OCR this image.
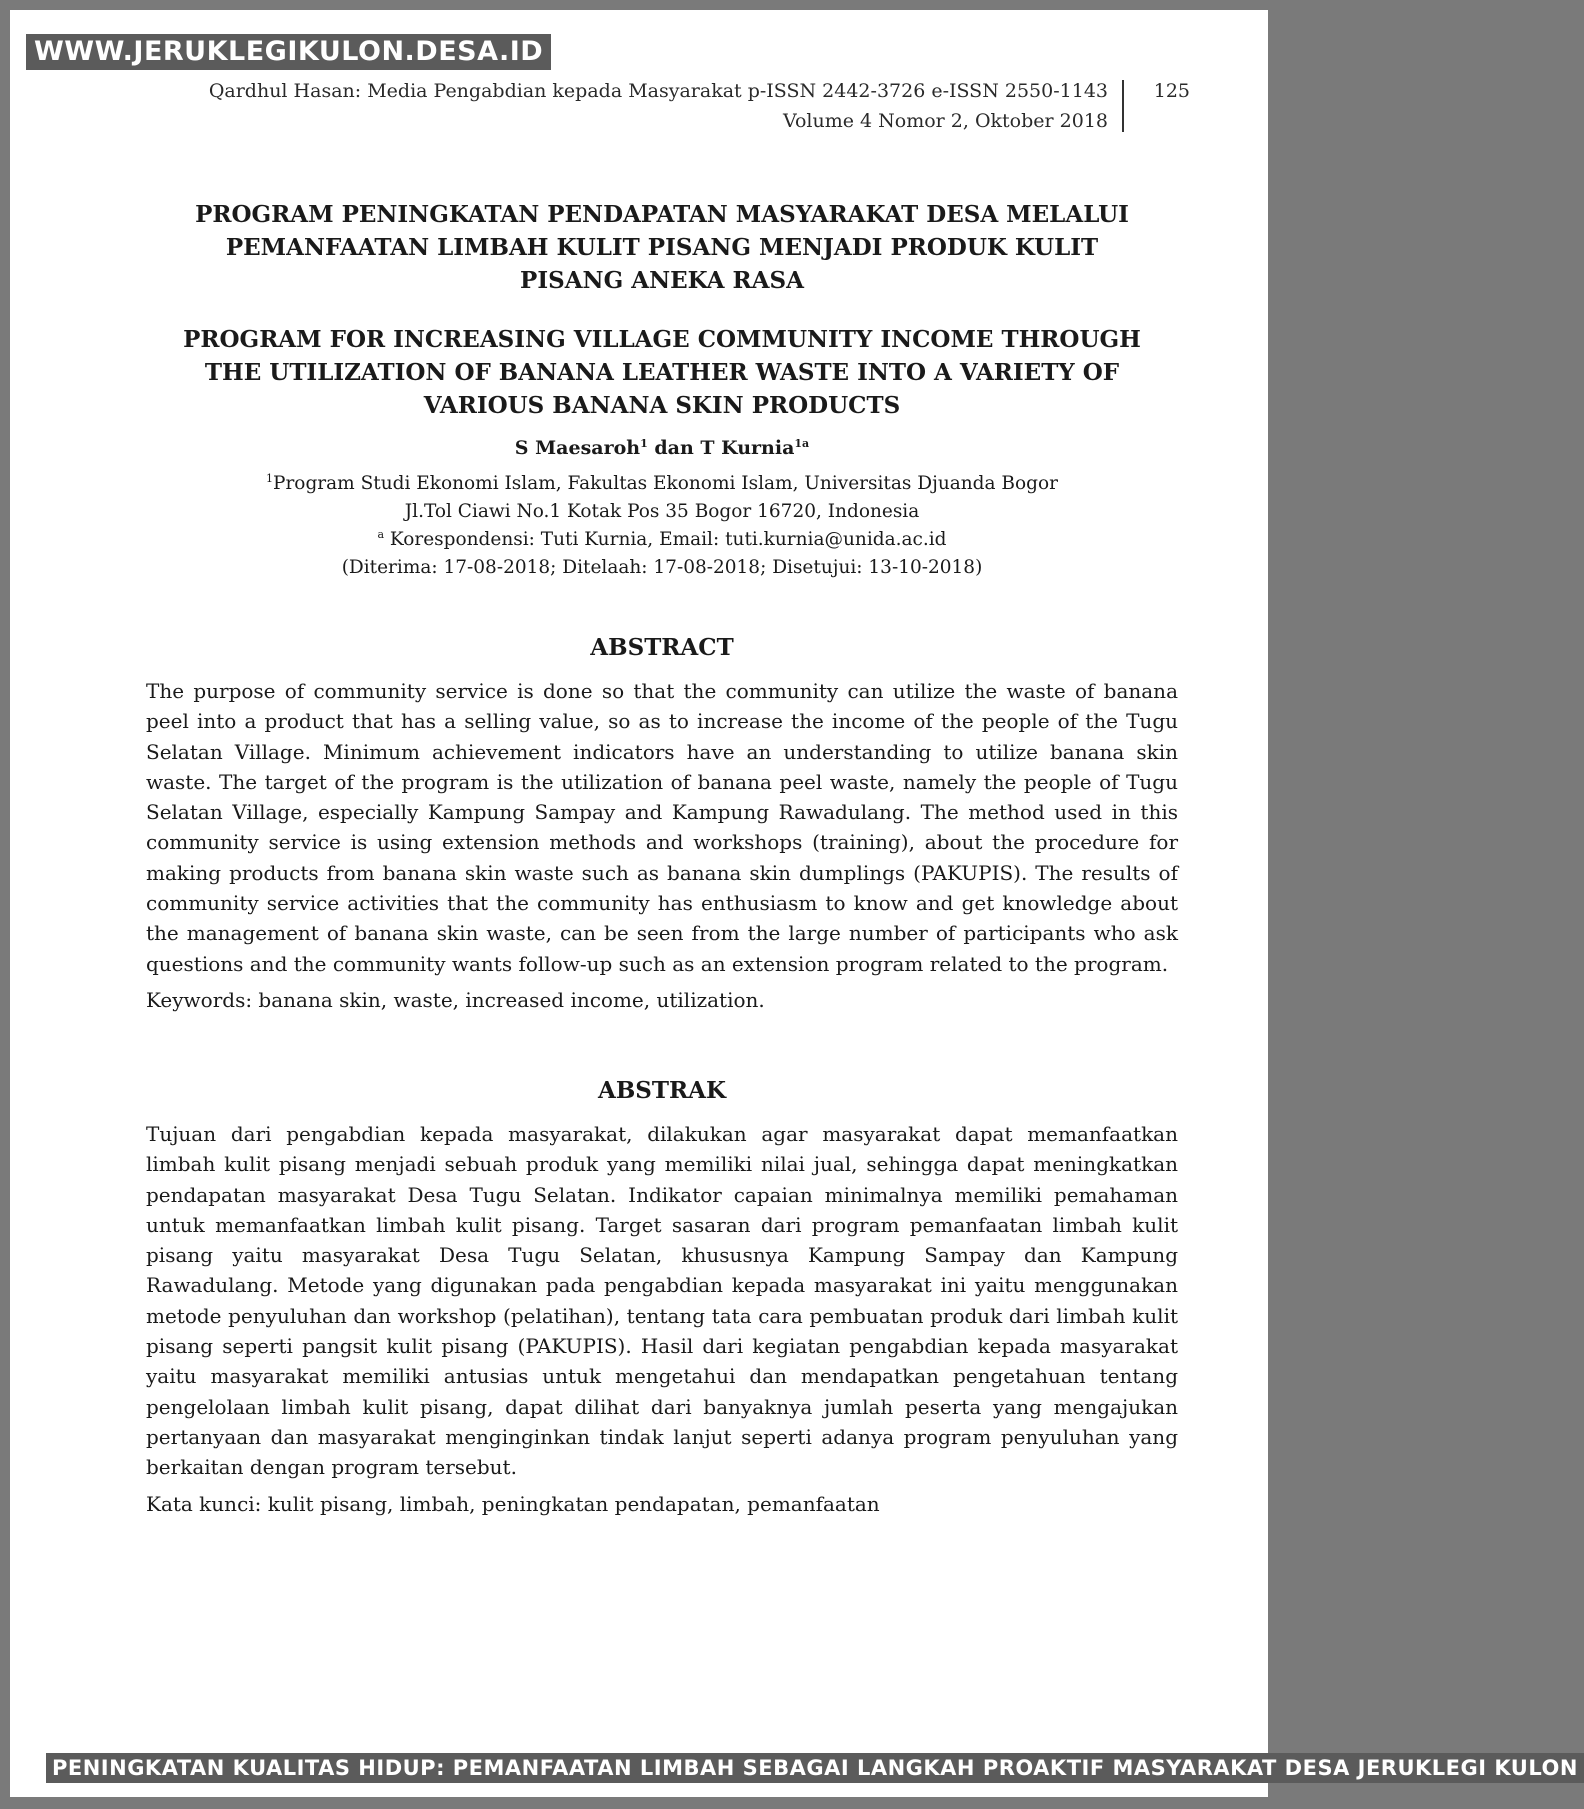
WWW.JERUKLEGIKULON.DESA.ID
Qardhul Hasan: Media Pengabdian kepada Masyarakat p-ISSN 2442-3726 e-ISSN 2550-1143
Volume 4 Nomor 2, Oktober 2018
125
PROGRAM PENINGKATAN PENDAPATAN MASYARAKAT DESA MELALUI PEMANFAATAN LIMBAH KULIT PISANG MENJADI PRODUK KULIT PISANG ANEKA RASA
PROGRAM FOR INCREASING VILLAGE COMMUNITY INCOME THROUGH THE UTILIZATION OF BANANA LEATHER WASTE INTO A VARIETY OF VARIOUS BANANA SKIN PRODUCTS
S Maesaroh$^1$ dan T Kurnia$^{1a}$
$^1$Program Studi Ekonomi Islam, Fakultas Ekonomi Islam, Universitas Djuanda Bogor
Jl.Tol Ciawi No.1 Kotak Pos 35 Bogor 16720, Indonesia
$^a$ Korespondensi: Tuti Kurnia, Email: tuti.kurnia@unida.ac.id
(Diterima: 17-08-2018; Ditelaah: 17-08-2018; Disetujui: 13-10-2018)
ABSTRACT
The purpose of community service is done so that the community can utilize the waste of banana peel into a product that has a selling value, so as to increase the income of the people of the Tugu Selatan Village. Minimum achievement indicators have an understanding to utilize banana skin waste. The target of the program is the utilization of banana peel waste, namely the people of Tugu Selatan Village, especially Kampung Sampay and Kampung Rawadulang. The method used in this community service is using extension methods and workshops (training), about the procedure for making products from banana skin waste such as banana skin dumplings (PAKUPIS). The results of community service activities that the community has enthusiasm to know and get knowledge about the management of banana skin waste, can be seen from the large number of participants who ask questions and the community wants follow-up such as an extension program related to the program.
Keywords: banana skin, waste, increased income, utilization.
ABSTRAK
Tujuan dari pengabdian kepada masyarakat, dilakukan agar masyarakat dapat memanfaatkan limbah kulit pisang menjadi sebuah produk yang memiliki nilai jual, sehingga dapat meningkatkan pendapatan masyarakat Desa Tugu Selatan. Indikator capaian minimalnya memiliki pemahaman untuk memanfaatkan limbah kulit pisang. Target sasaran dari program pemanfaatan limbah kulit pisang yaitu masyarakat Desa Tugu Selatan, khususnya Kampung Sampay dan Kampung Rawadulang. Metode yang digunakan pada pengabdian kepada masyarakat ini yaitu menggunakan metode penyuluhan dan workshop (pelatihan), tentang tata cara pembuatan produk dari limbah kulit pisang seperti pangsit kulit pisang (PAKUPIS). Hasil dari kegiatan pengabdian kepada masyarakat yaitu masyarakat memiliki antusias untuk mengetahui dan mendapatkan pengetahuan tentang pengelolaan limbah kulit pisang, dapat dilihat dari banyaknya jumlah peserta yang mengajukan pertanyaan dan masyarakat menginginkan tindak lanjut seperti adanya program penyuluhan yang berkaitan dengan program tersebut.
Kata kunci: kulit pisang, limbah, peningkatan pendapatan, pemanfaatan
PENINGKATAN KUALITAS HIDUP: PEMANFAATAN LIMBAH SEBAGAI LANGKAH PROAKTIF MASYARAKAT DESA JERUKLEGI KULON
